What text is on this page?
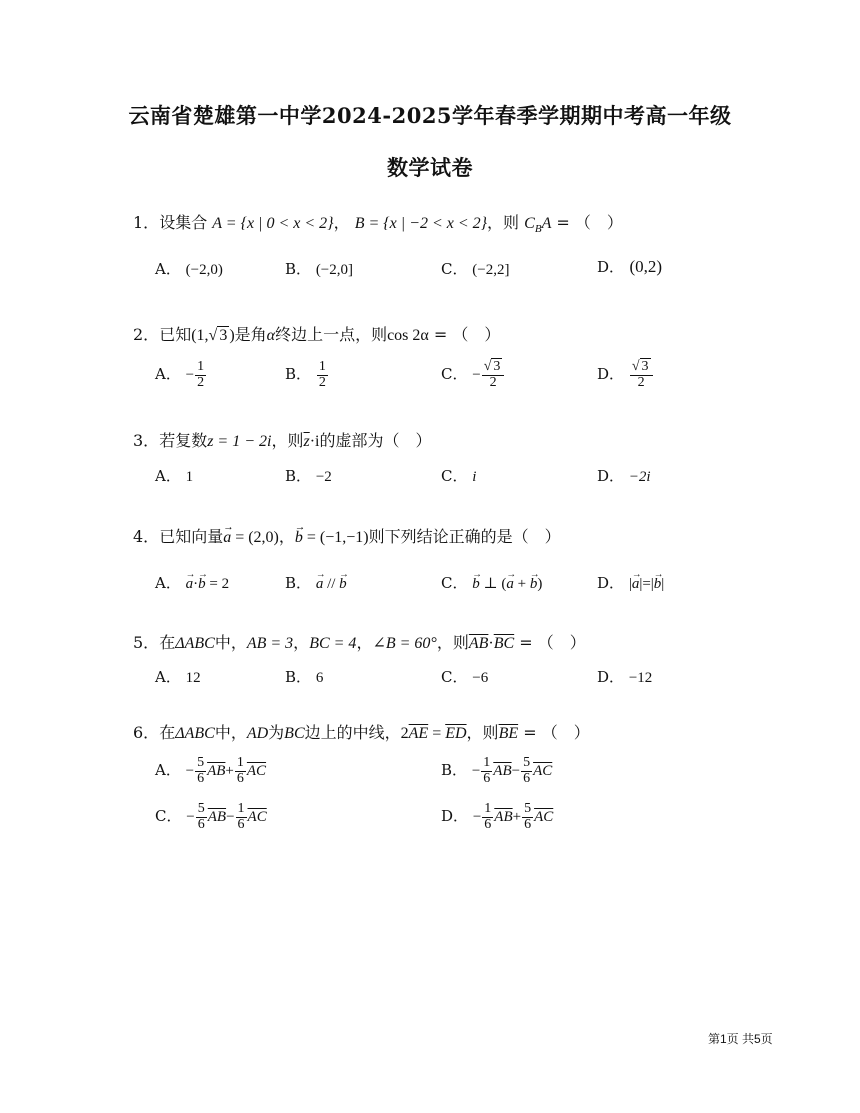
云南省楚雄第一中学2024-2025学年春季学期期中考高一年级
数学试卷
1．设集合 A = {x | 0 < x < 2}， B = {x | −2 < x < 2}，则 $C_BA$ = （　）
A． (−2,0)	B． (−2,0]	C． (−2,2]	D． (0,2)
2．已知(1,√ 3 )是角α终边上一点，则cos 2α = （　）
A． − $\frac{1}{2}$	B． $\frac{1}{2}$	C． − $\frac{√ 3}{2}$	D． $\frac{√ 3}{2}$
3．若复数z = 1 − 2i，则$\overline{z}\cdot i$的虚部为（　）
A． 1	B． −2	C． i	D． −2i
4．已知向量→ a = (2,0)，→ b = (−1,−1)则下列结论正确的是（　）
A． → a·→ b = 2	B． → a // → b	C． → b ⊥ (→ a + → b)	D． |→ a|=|→ b|
5．在ΔABC中，AB = 3，BC = 4，∠B = 60°，则$\overline{AB}\cdot\overline{BC}$ = （　）
A． 12	B． 6	C． −6	D． −12
6．在ΔABC中，AD为BC边上的中线，$2\overline{AE} = \overline{ED}$，则$\overline{BE}$ = （　）
A． − $\frac{5}{6} \overline{AB}+ \frac{1}{6} \overline{AC}$	B． − $\frac{1}{6} \overline{AB}- \frac{5}{6} \overline{AC}$
C． − $\frac{5}{6} \overline{AB}- \frac{1}{6} \overline{AC}$	D． − $\frac{1}{6} \overline{AB}+ \frac{5}{6} \overline{AC}$
第1页 共5页
